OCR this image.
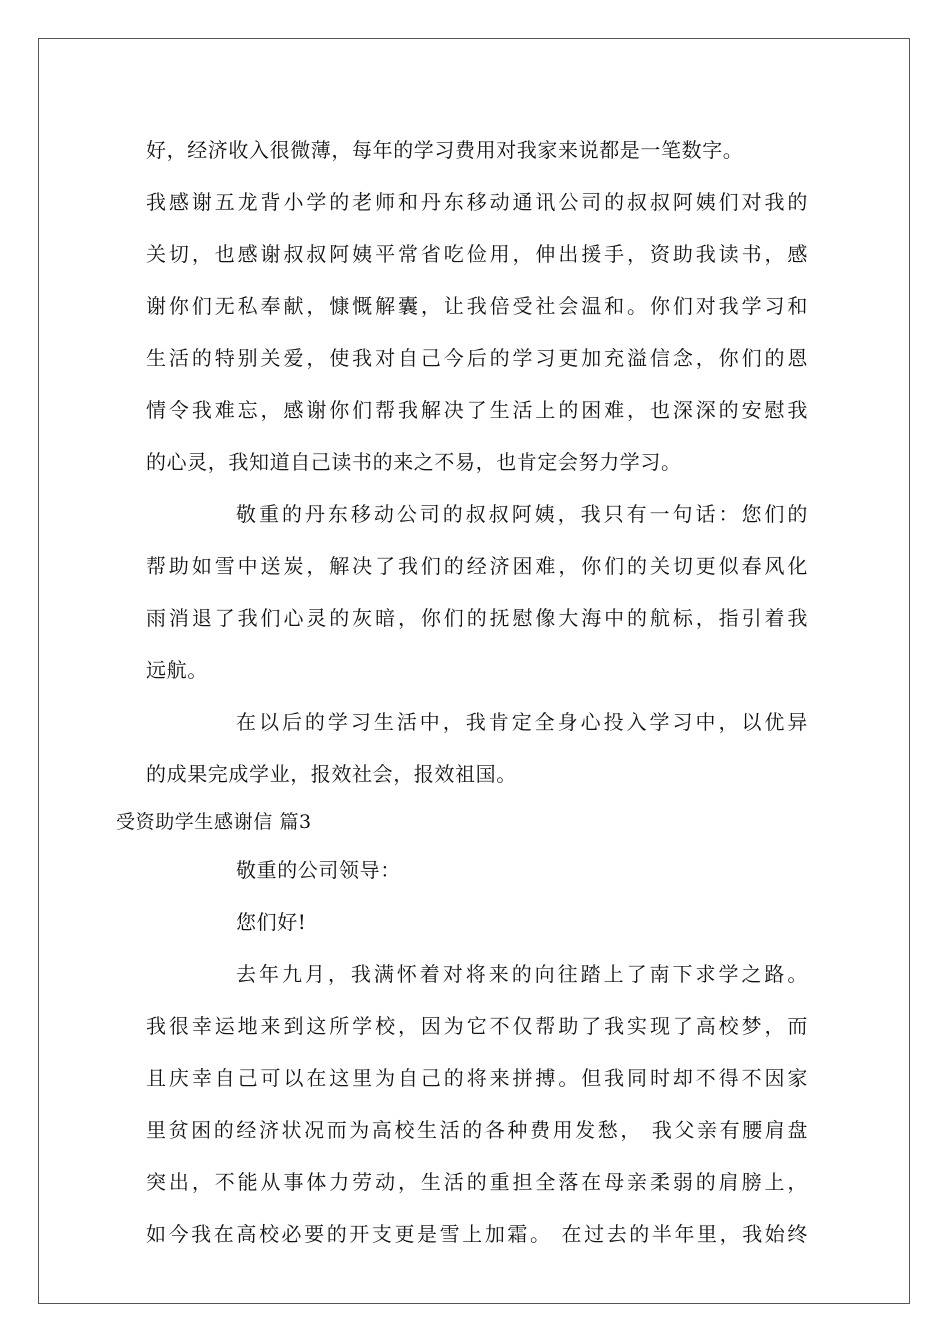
好，经济收入很微薄，每年的学习费用对我家来说都是一笔数字。
我感谢五龙背小学的老师和丹东移动通讯公司的叔叔阿姨们对我的
关切，也感谢叔叔阿姨平常省吃俭用，伸出援手，资助我读书，感
谢你们无私奉献，慷慨解囊，让我倍受社会温和。你们对我学习和
生活的特别关爱，使我对自己今后的学习更加充溢信念，你们的恩
情令我难忘，感谢你们帮我解决了生活上的困难，也深深的安慰我
的心灵，我知道自己读书的来之不易，也肯定会努力学习。
敬重的丹东移动公司的叔叔阿姨，我只有一句话：您们的
帮助如雪中送炭，解决了我们的经济困难，你们的关切更似春风化
雨消退了我们心灵的灰暗，你们的抚慰像大海中的航标，指引着我
远航。
在以后的学习生活中，我肯定全身心投入学习中，以优异
的成果完成学业，报效社会，报效祖国。
受资助学生感谢信 篇3
敬重的公司领导：
您们好!
去年九月，我满怀着对将来的向往踏上了南下求学之路。
我很幸运地来到这所学校，因为它不仅帮助了我实现了高校梦，而
且庆幸自己可以在这里为自己的将来拼搏。但我同时却不得不因家
里贫困的经济状况而为高校生活的各种费用发愁， 我父亲有腰肩盘
突出，不能从事体力劳动，生活的重担全落在母亲柔弱的肩膀上，
如今我在高校必要的开支更是雪上加霜。 在过去的半年里，我始终
